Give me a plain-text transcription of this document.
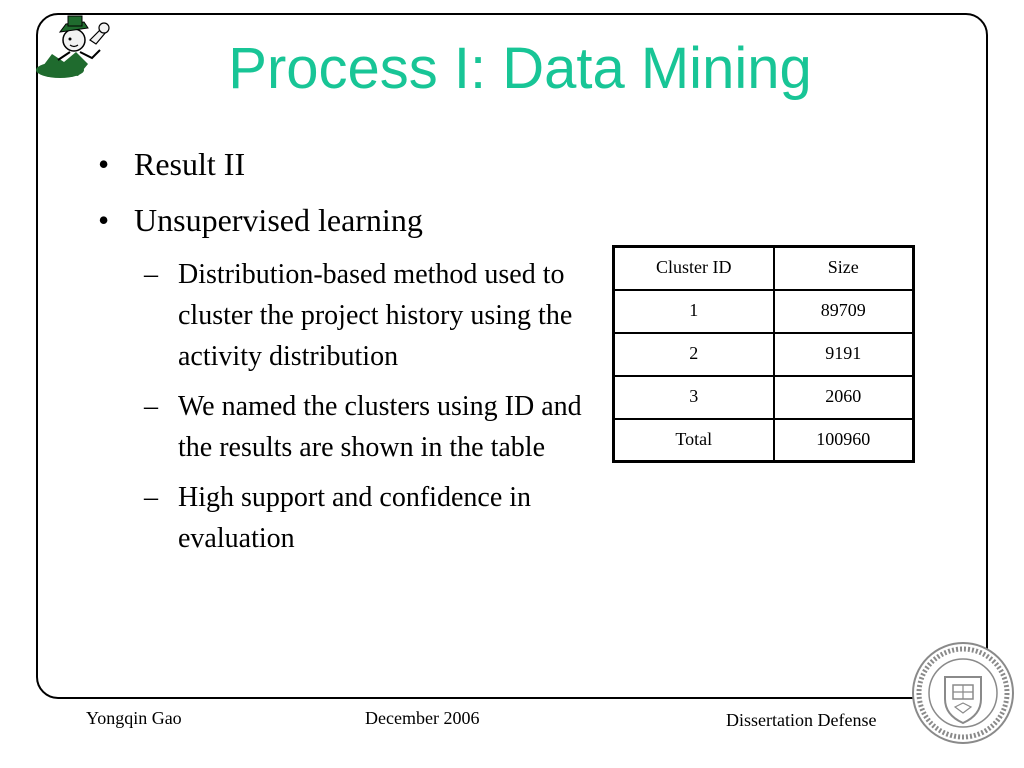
Process I: Data Mining
• Result II
• Unsupervised learning
– Distribution-based method used to cluster the project history using the activity distribution
– We named the clusters using ID and the results are shown in the table
– High support and confidence in evaluation
Cluster ID	Size
1	89709
2	9191
3	2060
Total	100960
Yongqin Gao	December 2006	Dissertation Defense
